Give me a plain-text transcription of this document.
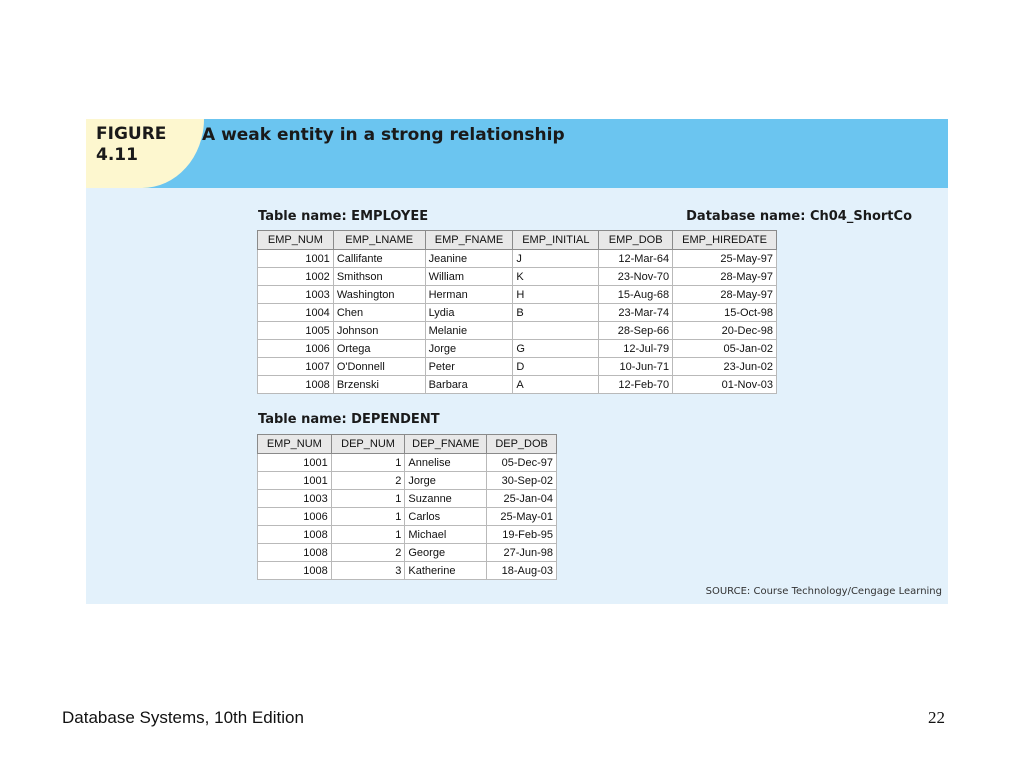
FIGURE
4.11
A weak entity in a strong relationship
Table name: EMPLOYEE	Database name: Ch04_ShortCo
EMP_NUM	EMP_LNAME	EMP_FNAME	EMP_INITIAL	EMP_DOB	EMP_HIREDATE
1001	Callifante	Jeanine	J	12-Mar-64	25-May-97
1002	Smithson	William	K	23-Nov-70	28-May-97
1003	Washington	Herman	H	15-Aug-68	28-May-97
1004	Chen	Lydia	B	23-Mar-74	15-Oct-98
1005	Johnson	Melanie		28-Sep-66	20-Dec-98
1006	Ortega	Jorge	G	12-Jul-79	05-Jan-02
1007	O'Donnell	Peter	D	10-Jun-71	23-Jun-02
1008	Brzenski	Barbara	A	12-Feb-70	01-Nov-03
Table name: DEPENDENT
EMP_NUM	DEP_NUM	DEP_FNAME	DEP_DOB
1001	1	Annelise	05-Dec-97
1001	2	Jorge	30-Sep-02
1003	1	Suzanne	25-Jan-04
1006	1	Carlos	25-May-01
1008	1	Michael	19-Feb-95
1008	2	George	27-Jun-98
1008	3	Katherine	18-Aug-03
SOURCE: Course Technology/Cengage Learning
Database Systems, 10th Edition	22
